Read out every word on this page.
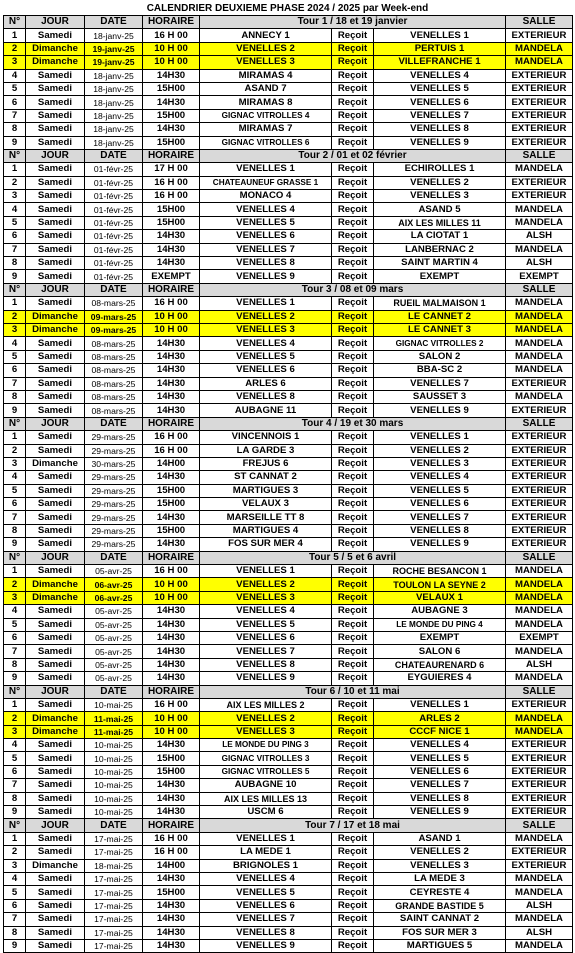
CALENDRIER DEUXIEME PHASE 2024 / 2025 par Week-end
N°	JOUR	DATE	HORAIRE	Tour 1 / 18 et 19 janvier			SALLE
1	Samedi	18-janv-25	16 H 00	ANNECY 1	Reçoit	VENELLES 1	EXTERIEUR
2	Dimanche	19-janv-25	10 H 00	VENELLES 2	Reçoit	PERTUIS 1	MANDELA
3	Dimanche	19-janv-25	10 H 00	VENELLES 3	Reçoit	VILLEFRANCHE 1	MANDELA
4	Samedi	18-janv-25	14H30	MIRAMAS 4	Reçoit	VENELLES 4	EXTERIEUR
5	Samedi	18-janv-25	15H00	ASAND 7	Reçoit	VENELLES 5	EXTERIEUR
6	Samedi	18-janv-25	14H30	MIRAMAS 8	Reçoit	VENELLES 6	EXTERIEUR
7	Samedi	18-janv-25	15H00	GIGNAC VITROLLES 4	Reçoit	VENELLES 7	EXTERIEUR
8	Samedi	18-janv-25	14H30	MIRAMAS 7	Reçoit	VENELLES 8	EXTERIEUR
9	Samedi	18-janv-25	15H00	GIGNAC VITROLLES 6	Reçoit	VENELLES 9	EXTERIEUR
N°	JOUR	DATE	HORAIRE	Tour 2 / 01 et 02 février			SALLE
1	Samedi	01-févr-25	17 H 00	VENELLES 1	Reçoit	ECHIROLLES 1	MANDELA
2	Samedi	01-févr-25	16 H 00	CHATEAUNEUF GRASSE 1	Reçoit	VENELLES 2	EXTERIEUR
3	Samedi	01-févr-25	16 H 00	MONACO 4	Reçoit	VENELLES 3	EXTERIEUR
4	Samedi	01-févr-25	15H00	VENELLES 4	Reçoit	ASAND 5	MANDELA
5	Samedi	01-févr-25	15H00	VENELLES 5	Reçoit	AIX LES MILLES 11	MANDELA
6	Samedi	01-févr-25	14H30	VENELLES 6	Reçoit	LA CIOTAT 1	ALSH
7	Samedi	01-févr-25	14H30	VENELLES 7	Reçoit	LANBERNAC 2	MANDELA
8	Samedi	01-févr-25	14H30	VENELLES 8	Reçoit	SAINT MARTIN 4	ALSH
9	Samedi	01-févr-25	EXEMPT	VENELLES 9	Reçoit	EXEMPT	EXEMPT
N°	JOUR	DATE	HORAIRE	Tour 3 / 08 et 09 mars			SALLE
1	Samedi	08-mars-25	16 H 00	VENELLES 1	Reçoit	RUEIL MALMAISON 1	MANDELA
2	Dimanche	09-mars-25	10 H 00	VENELLES 2	Reçoit	LE CANNET 2	MANDELA
3	Dimanche	09-mars-25	10 H 00	VENELLES 3	Reçoit	LE CANNET 3	MANDELA
4	Samedi	08-mars-25	14H30	VENELLES 4	Reçoit	GIGNAC VITROLLES 2	MANDELA
5	Samedi	08-mars-25	14H30	VENELLES 5	Reçoit	SALON 2	MANDELA
6	Samedi	08-mars-25	14H30	VENELLES 6	Reçoit	BBA-SC 2	MANDELA
7	Samedi	08-mars-25	14H30	ARLES 6	Reçoit	VENELLES 7	EXTERIEUR
8	Samedi	08-mars-25	14H30	VENELLES 8	Reçoit	SAUSSET 3	MANDELA
9	Samedi	08-mars-25	14H30	AUBAGNE 11	Reçoit	VENELLES 9	EXTERIEUR
N°	JOUR	DATE	HORAIRE	Tour 4 / 19 et 30 mars			SALLE
1	Samedi	29-mars-25	16 H 00	VINCENNOIS 1	Reçoit	VENELLES 1	EXTERIEUR
2	Samedi	29-mars-25	16 H 00	LA GARDE 3	Reçoit	VENELLES 2	EXTERIEUR
3	Dimanche	30-mars-25	14H00	FREJUS 6	Reçoit	VENELLES 3	EXTERIEUR
4	Samedi	29-mars-25	14H30	ST CANNAT 2	Reçoit	VENELLES 4	EXTERIEUR
5	Samedi	29-mars-25	15H00	MARTIGUES 3	Reçoit	VENELLES 5	EXTERIEUR
6	Samedi	29-mars-25	15H00	VELAUX 3	Reçoit	VENELLES 6	EXTERIEUR
7	Samedi	29-mars-25	14H30	MARSEILLE TT 8	Reçoit	VENELLES 7	EXTERIEUR
8	Samedi	29-mars-25	15H00	MARTIGUES 4	Reçoit	VENELLES 8	EXTERIEUR
9	Samedi	29-mars-25	14H30	FOS SUR MER 4	Reçoit	VENELLES 9	EXTERIEUR
N°	JOUR	DATE	HORAIRE	Tour 5 / 5 et 6 avril			SALLE
1	Samedi	05-avr-25	16 H 00	VENELLES 1	Reçoit	ROCHE BESANCON 1	MANDELA
2	Dimanche	06-avr-25	10 H 00	VENELLES 2	Reçoit	TOULON LA SEYNE 2	MANDELA
3	Dimanche	06-avr-25	10 H 00	VENELLES 3	Reçoit	VELAUX 1	MANDELA
4	Samedi	05-avr-25	14H30	VENELLES 4	Reçoit	AUBAGNE 3	MANDELA
5	Samedi	05-avr-25	14H30	VENELLES 5	Reçoit	LE MONDE DU PING 4	MANDELA
6	Samedi	05-avr-25	14H30	VENELLES 6	Reçoit	EXEMPT	EXEMPT
7	Samedi	05-avr-25	14H30	VENELLES 7	Reçoit	SALON 6	MANDELA
8	Samedi	05-avr-25	14H30	VENELLES 8	Reçoit	CHATEAURENARD 6	ALSH
9	Samedi	05-avr-25	14H30	VENELLES 9	Reçoit	EYGUIERES 4	MANDELA
N°	JOUR	DATE	HORAIRE	Tour 6 / 10 et 11 mai			SALLE
1	Samedi	10-mai-25	16 H 00	AIX LES MILLES 2	Reçoit	VENELLES 1	EXTERIEUR
2	Dimanche	11-mai-25	10 H 00	VENELLES 2	Reçoit	ARLES 2	MANDELA
3	Dimanche	11-mai-25	10 H 00	VENELLES 3	Reçoit	CCCF NICE 1	MANDELA
4	Samedi	10-mai-25	14H30	LE MONDE DU PING 3	Reçoit	VENELLES 4	EXTERIEUR
5	Samedi	10-mai-25	15H00	GIGNAC VITROLLES 3	Reçoit	VENELLES 5	EXTERIEUR
6	Samedi	10-mai-25	15H00	GIGNAC VITROLLES 5	Reçoit	VENELLES 6	EXTERIEUR
7	Samedi	10-mai-25	14H30	AUBAGNE 10	Reçoit	VENELLES 7	EXTERIEUR
8	Samedi	10-mai-25	14H30	AIX LES MILLES 13	Reçoit	VENELLES 8	EXTERIEUR
9	Samedi	10-mai-25	14H30	USCM 6	Reçoit	VENELLES 9	EXTERIEUR
N°	JOUR	DATE	HORAIRE	Tour 7 / 17 et 18 mai			SALLE
1	Samedi	17-mai-25	16 H 00	VENELLES 1	Reçoit	ASAND 1	MANDELA
2	Samedi	17-mai-25	16 H 00	LA MEDE 1	Reçoit	VENELLES 2	EXTERIEUR
3	Dimanche	18-mai-25	14H00	BRIGNOLES 1	Reçoit	VENELLES 3	EXTERIEUR
4	Samedi	17-mai-25	14H30	VENELLES 4	Reçoit	LA MEDE 3	MANDELA
5	Samedi	17-mai-25	15H00	VENELLES 5	Reçoit	CEYRESTE 4	MANDELA
6	Samedi	17-mai-25	14H30	VENELLES 6	Reçoit	GRANDE BASTIDE 5	ALSH
7	Samedi	17-mai-25	14H30	VENELLES 7	Reçoit	SAINT CANNAT 2	MANDELA
8	Samedi	17-mai-25	14H30	VENELLES 8	Reçoit	FOS SUR MER 3	ALSH
9	Samedi	17-mai-25	14H30	VENELLES 9	Reçoit	MARTIGUES 5	MANDELA
